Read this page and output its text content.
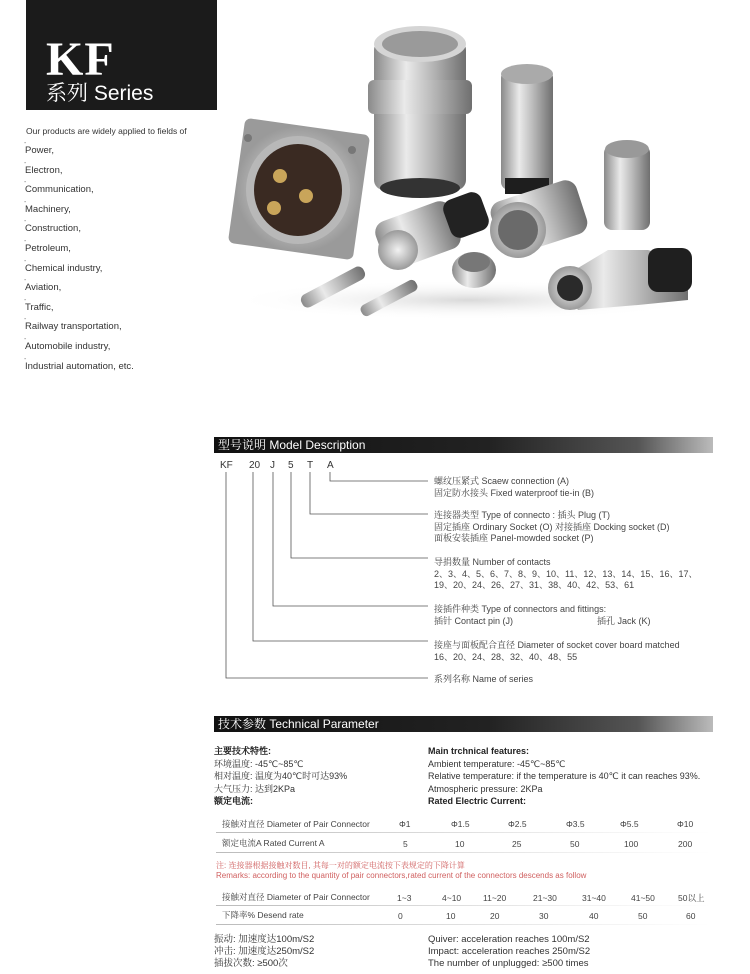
KF
系列 Series
Our products are widely applied to fields of
-
Power,
-
Electron,
-
Communication,
-
Machinery,
-
Construction,
-
Petroleum,
-
Chemical industry,
-
Aviation,
-
Traffic,
-
Railway transportation,
-
Automobile industry,
-
Industrial automation, etc.
型号说明 Model Description
KF 20 J 5 T A
螺纹压紧式 Scaew connection (A)
固定防水接头 Fixed waterproof tie-in (B)
连接器类型 Type of connecto : 插头 Plug (T)
固定插座 Ordinary Socket (O) 对接插座 Docking socket (D)
面板安装插座 Panel-mowded socket (P)
导捐数量 Number of contacts
2、3、4、5、6、7、8、9、10、11、12、13、14、15、16、17、
19、20、24、26、27、31、38、40、42、53、61
接插件种类 Type of connectors and fittings:
插针 Contact pin (J)	插孔 Jack (K)
接座与面板配合直径 Diameter of socket cover board matched
16、20、24、28、32、40、48、55
系列名称 Name of series
技术参数 Technical Parameter
主要技术特性:
环境温度: -45℃~85℃
相对温度: 温度为40℃时可达93%
大气压力: 达到2KPa
额定电流:
Main trchnical features:
Ambient temperature: -45℃~85℃
Relative temperature: if the temperature is 40℃ it can reaches 93%.
Atmospheric pressure: 2KPa
Rated Electric Current:
接触对直径 Diameter of Pair Connector	Φ1	Φ1.5	Φ2.5	Φ3.5	Φ5.5	Φ10
额定电流A Rated Current A	5	10	25	50	100	200
注: 连接器根据接触对数目, 其每一对的额定电流按下表规定的下降计算
Remarks: according to the quantity of pair connectors,rated current of the connectors descends as follow
接触对直径 Diameter of Pair Connector	1~3	4~10	11~20	21~30	31~40	41~50	50以上
下降率% Desend rate	0	10	20	30	40	50	60
振动: 加速度达100m/S2
冲击: 加速度达250m/S2
插拔次数: ≥500次
Quiver: acceleration reaches 100m/S2
Impact: acceleration reaches 250m/S2
The number of unplugged: ≥500 times
